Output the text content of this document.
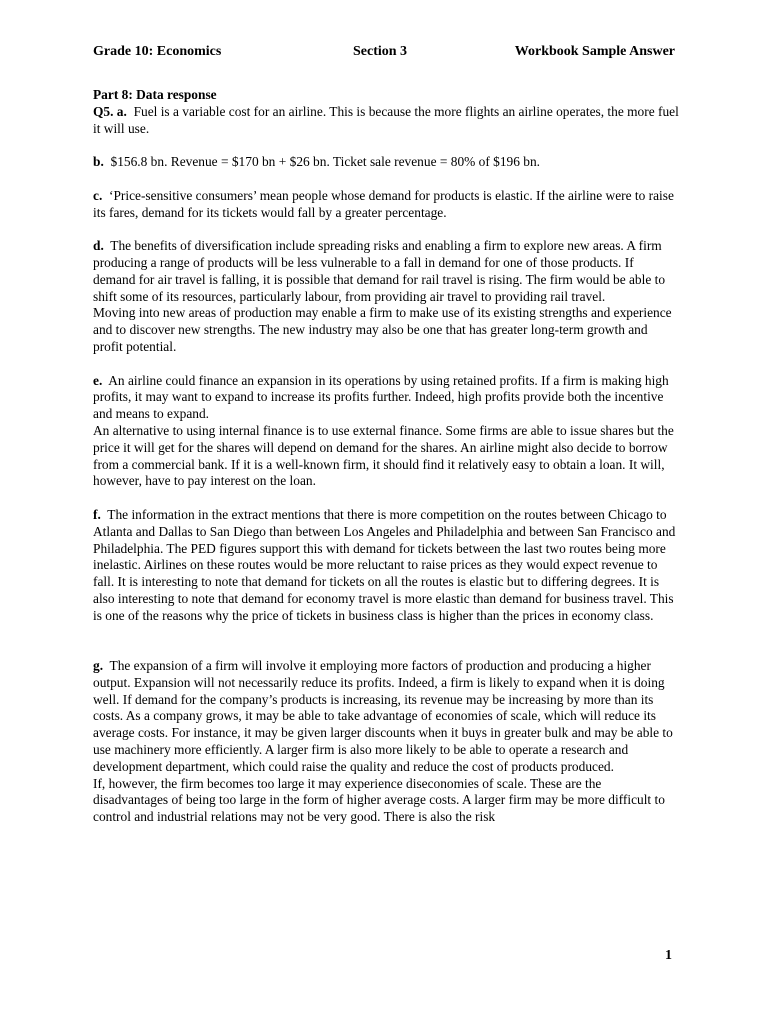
Grade 10: Economics	Section 3	Workbook Sample Answer

Part 8: Data response

Q5. a. Fuel is a variable cost for an airline. This is because the more flights an airline operates, the more fuel it will use.

b. $156.8 bn. Revenue = $170 bn + $26 bn. Ticket sale revenue = 80% of $196 bn.

c. ‘Price-sensitive consumers’ mean people whose demand for products is elastic. If the airline were to raise its fares, demand for its tickets would fall by a greater percentage.

d. The benefits of diversification include spreading risks and enabling a firm to explore new areas. A firm producing a range of products will be less vulnerable to a fall in demand for one of those products. If demand for air travel is falling, it is possible that demand for rail travel is rising. The firm would be able to shift some of its resources, particularly labour, from providing air travel to providing rail travel.

Moving into new areas of production may enable a firm to make use of its existing strengths and experience and to discover new strengths. The new industry may also be one that has greater long-term growth and profit potential.

e. An airline could finance an expansion in its operations by using retained profits. If a firm is making high profits, it may want to expand to increase its profits further. Indeed, high profits provide both the incentive and means to expand.

An alternative to using internal finance is to use external finance. Some firms are able to issue shares but the price it will get for the shares will depend on demand for the shares. An airline might also decide to borrow from a commercial bank. If it is a well-known firm, it should find it relatively easy to obtain a loan. It will, however, have to pay interest on the loan.

f. The information in the extract mentions that there is more competition on the routes between Chicago to Atlanta and Dallas to San Diego than between Los Angeles and Philadelphia and between San Francisco and Philadelphia. The PED figures support this with demand for tickets between the last two routes being more inelastic. Airlines on these routes would be more reluctant to raise prices as they would expect revenue to fall. It is interesting to note that demand for tickets on all the routes is elastic but to differing degrees. It is also interesting to note that demand for economy travel is more elastic than demand for business travel. This is one of the reasons why the price of tickets in business class is higher than the prices in economy class.

g. The expansion of a firm will involve it employing more factors of production and producing a higher output. Expansion will not necessarily reduce its profits. Indeed, a firm is likely to expand when it is doing well. If demand for the company’s products is increasing, its revenue may be increasing by more than its costs. As a company grows, it may be able to take advantage of economies of scale, which will reduce its average costs. For instance, it may be given larger discounts when it buys in greater bulk and may be able to use machinery more efficiently. A larger firm is also more likely to be able to operate a research and development department, which could raise the quality and reduce the cost of products produced.

If, however, the firm becomes too large it may experience diseconomies of scale. These are the disadvantages of being too large in the form of higher average costs. A larger firm may be more difficult to control and industrial relations may not be very good. There is also the risk

1
